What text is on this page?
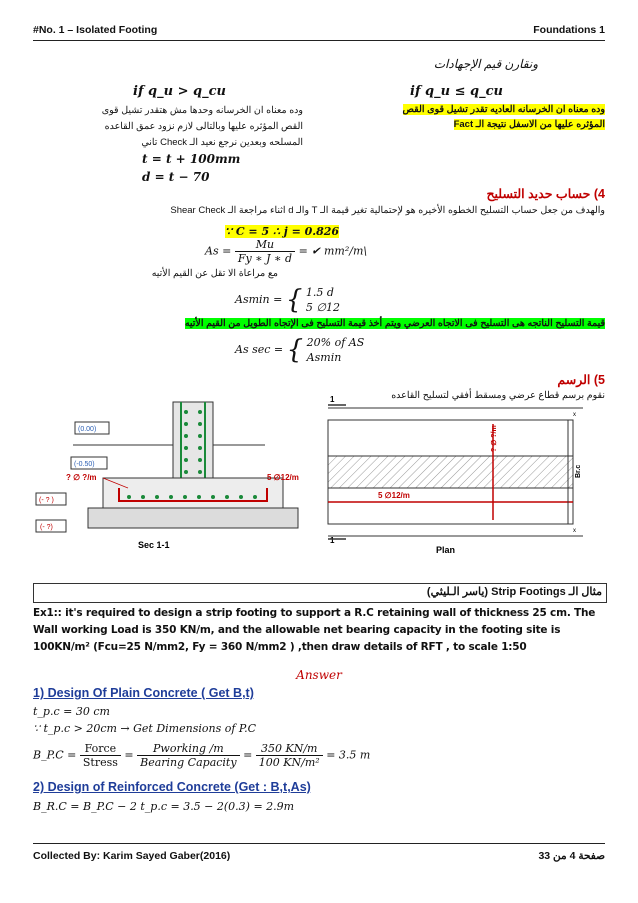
#No. 1 – Isolated Footing	Foundations 1
ونقارن قيم الإجهادات
if q_u ≤ q_cu
وده معناه ان الخرسانه العاديه تقدر تشيل قوى القص
المؤثره عليها من الاسفل نتيجة الـ Fact
if q_u > q_cu
وده معناه ان الخرسانه وحدها مش هتقدر تشيل قوى
القص المؤثره عليها وبالتالى لازم نزود عمق القاعده
المسلحه وبعدين نرجع نعيد الـ Check تاني
t = t + 100mm
d = t − 70
4) حساب حديد التسليح
والهدف من جعل حساب التسليح الخطوه الأخيره هو لإحتمالية تغير قيمة الـ T والـ d اثناء مراجعة الـ Shear Check
∵ C = 5 ∴ j = 0.826
$As = \frac{Mu}{Fy ∗ J ∗ d}$ = ✔ mm²/m\
مع مراعاة الا تقل عن القيم الأتيه
Asmin = { 1.5 d
5 ∅12
قيمة التسليح الناتجه هى التسليح فى الاتجاه العرضي ويتم أخذ قيمة التسليح فى الإتجاه الطويل من القيم الأتيه
As sec = { 20% of AS
Asmin
5) الرسم
نقوم برسم قطاع عرضي ومسقط أفقي لتسليح القاعده
(0.00)
(-0.50)
(- ? )
(- ?)
? ∅ ?/m	5 ∅12/m
Sec 1-1
1
? ∅ ?/m
5 ∅12/m
Br.c
x
x
1
Plan
مثال الـ Strip Footings (ياسر الـليثي)
Ex1:: it's required to design a strip footing to support a R.C retaining wall of thickness 25 cm. The Wall working Load is 350 KN/m, and the allowable net bearing capacity in the footing site is 100KN/m² (Fcu=25 N/mm2, Fy = 360 N/mm2 ) ,then draw details of RFT , to scale 1:50
Answer
1) Design Of Plain Concrete ( Get B,t)
t_p.c = 30 cm
∵ t_p.c > 20cm → Get Dimensions of P.C
B_P.C = $\frac{\text{Force}}{\text{Stress}} = \frac{\text{Pworking /m}}{\text{Bearing Capacity}} = \frac{350 KN/m}{\text{100 KN/m²}} = 3.5$ m
2) Design of Reinforced Concrete (Get : B,t,As)
B_R.C = B_P.C − 2 t_p.c = 3.5 − 2(0.3) = 2.9m
Collected By: Karim Sayed Gaber(2016)	صفحة 4 من 33
